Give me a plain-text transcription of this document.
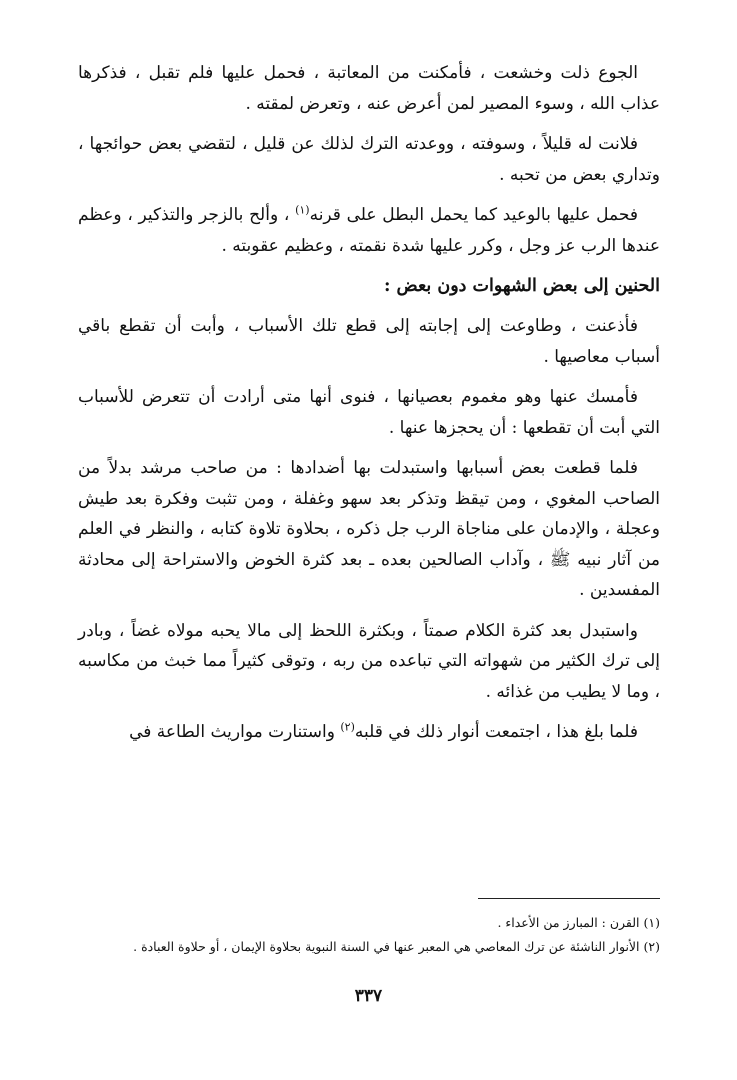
الجوع ذلت وخشعت ، فأمكنت من المعاتبة ، فحمل عليها فلم تقبل ، فذكرها عذاب الله ، وسوء المصير لمن أعرض عنه ، وتعرض لمقته .

فلانت له قليلاً ، وسوفته ، ووعدته الترك لذلك عن قليل ، لتقضي بعض حوائجها ، وتداري بعض من تحبه .

فحمل عليها بالوعيد كما يحمل البطل على قرنه$^{(١)}$ ، وألح بالزجر والتذكير ، وعظم عندها الرب عز وجل ، وكرر عليها شدة نقمته ، وعظيم عقوبته .

الحنين إلى بعض الشهوات دون بعض :

فأذعنت ، وطاوعت إلى إجابته إلى قطع تلك الأسباب ، وأبت أن تقطع باقي أسباب معاصيها .

فأمسك عنها وهو مغموم بعصيانها ، فنوى أنها متى أرادت أن تتعرض للأسباب التي أبت أن تقطعها : أن يحجزها عنها .

فلما قطعت بعض أسبابها واستبدلت بها أضدادها : من صاحب مرشد بدلاً من الصاحب المغوي ، ومن تيقظ وتذكر بعد سهو وغفلة ، ومن تثبت وفكرة بعد طيش وعجلة ، والإدمان على مناجاة الرب جل ذكره ، بحلاوة تلاوة كتابه ، والنظر في العلم من آثار نبيه ﷺ ، وآداب الصالحين بعده ـ بعد كثرة الخوض والاستراحة إلى محادثة المفسدين .

واستبدل بعد كثرة الكلام صمتاً ، وبكثرة اللحظ إلى مالا يحبه مولاه غضاً ، وبادر إلى ترك الكثير من شهواته التي تباعده من ربه ، وتوقى كثيراً مما خبث من مكاسبه ، وما لا يطيب من غذائه .

فلما بلغ هذا ، اجتمعت أنوار ذلك في قلبه$^{(٢)}$ واستنارت مواريث الطاعة في

(١) القرن : المبارز من الأعداء .
(٢) الأنوار الناشئة عن ترك المعاصي هي المعبر عنها في السنة النبوية بحلاوة الإيمان ، أو حلاوة العبادة .
٣٣٧
